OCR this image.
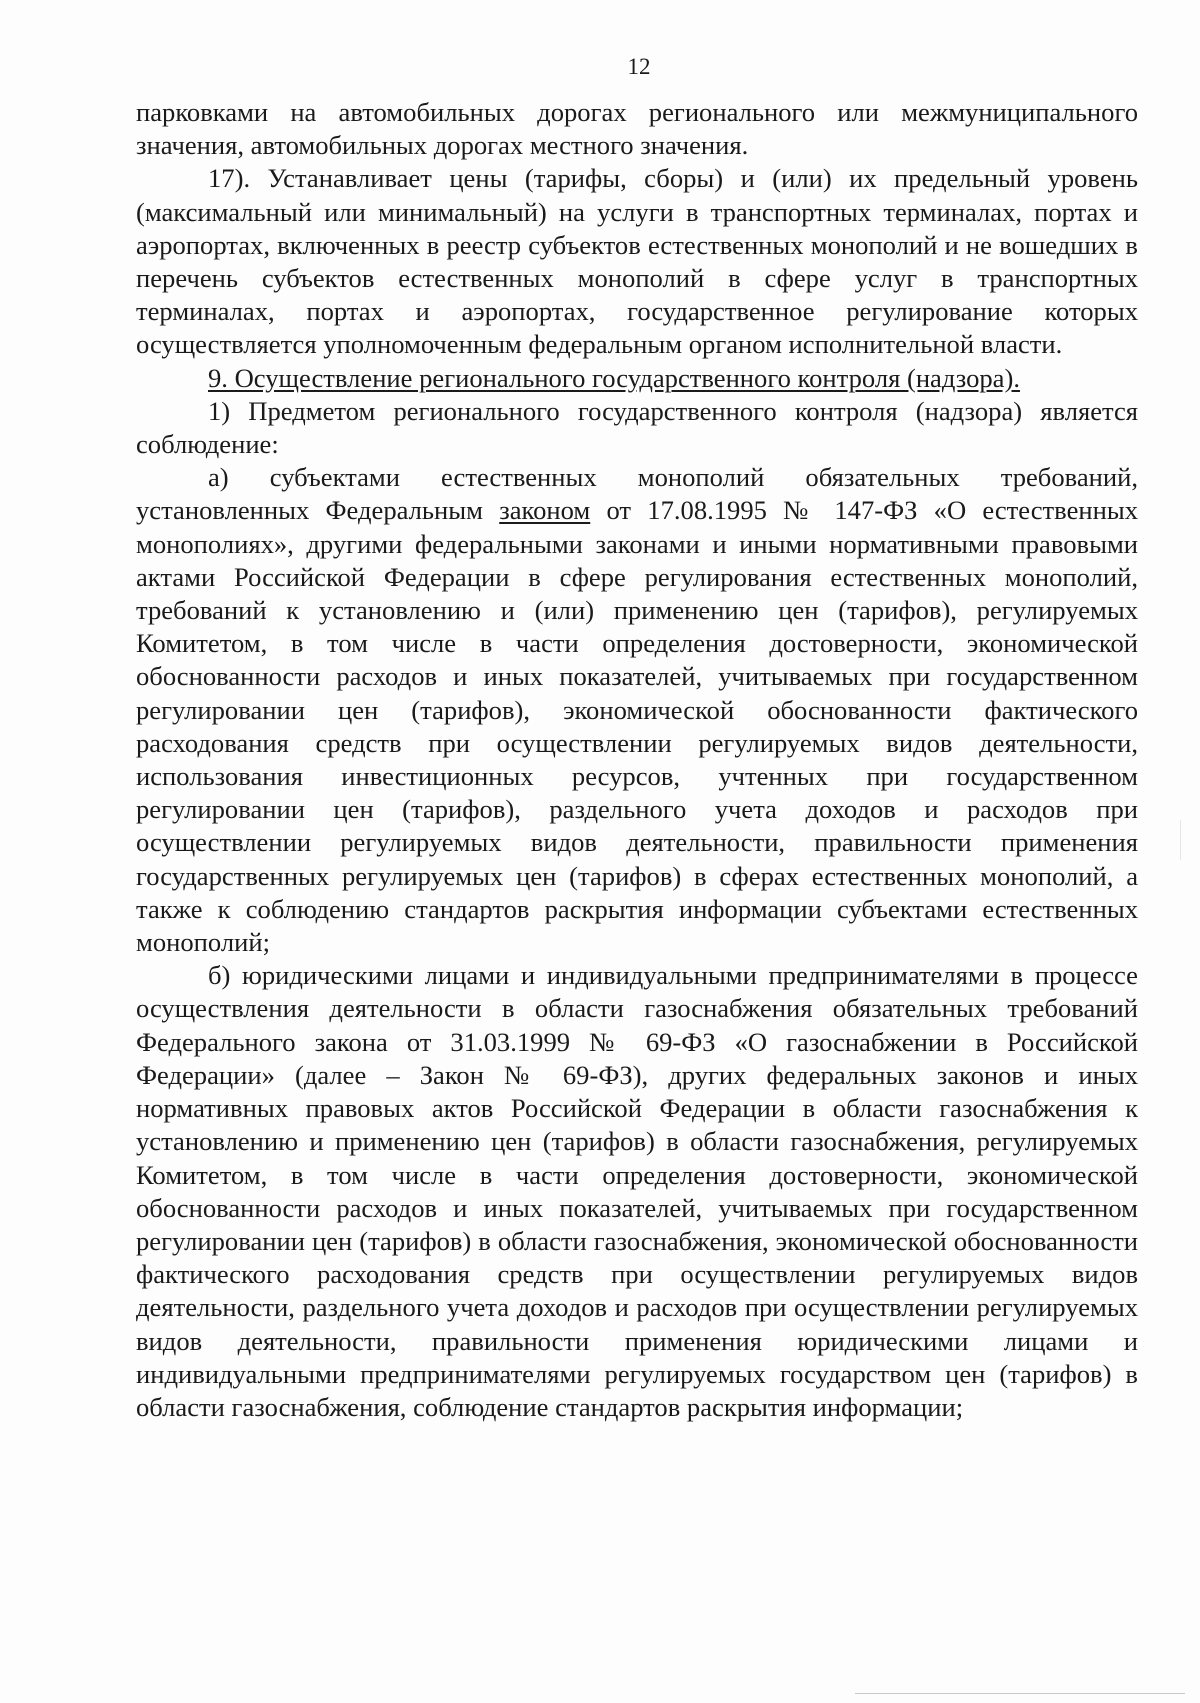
12

парковками на автомобильных дорогах регионального или межмуниципального значения, автомобильных дорогах местного значения.

17). Устанавливает цены (тарифы, сборы) и (или) их предельный уровень (максимальный или минимальный) на услуги в транспортных терминалах, портах и аэропортах, включенных в реестр субъектов естественных монополий и не вошедших в перечень субъектов естественных монополий в сфере услуг в транспортных терминалах, портах и аэропортах, государственное регулирование которых осуществляется уполномоченным федеральным органом исполнительной власти.

9. Осуществление регионального государственного контроля (надзора).

1) Предметом регионального государственного контроля (надзора) является соблюдение:

а) субъектами естественных монополий обязательных требований, установленных Федеральным законом от 17.08.1995 № 147-ФЗ «О естественных монополиях», другими федеральными законами и иными нормативными правовыми актами Российской Федерации в сфере регулирования естественных монополий, требований к установлению и (или) применению цен (тарифов), регулируемых Комитетом, в том числе в части определения достоверности, экономической обоснованности расходов и иных показателей, учитываемых при государственном регулировании цен (тарифов), экономической обоснованности фактического расходования средств при осуществлении регулируемых видов деятельности, использования инвестиционных ресурсов, учтенных при государственном регулировании цен (тарифов), раздельного учета доходов и расходов при осуществлении регулируемых видов деятельности, правильности применения государственных регулируемых цен (тарифов) в сферах естественных монополий, а также к соблюдению стандартов раскрытия информации субъектами естественных монополий;

б) юридическими лицами и индивидуальными предпринимателями в процессе осуществления деятельности в области газоснабжения обязательных требований Федерального закона от 31.03.1999 № 69-ФЗ «О газоснабжении в Российской Федерации» (далее – Закон № 69-ФЗ), других федеральных законов и иных нормативных правовых актов Российской Федерации в области газоснабжения к установлению и применению цен (тарифов) в области газоснабжения, регулируемых Комитетом, в том числе в части определения достоверности, экономической обоснованности расходов и иных показателей, учитываемых при государственном регулировании цен (тарифов) в области газоснабжения, экономической обоснованности фактического расходования средств при осуществлении регулируемых видов деятельности, раздельного учета доходов и расходов при осуществлении регулируемых видов деятельности, правильности применения юридическими лицами и индивидуальными предпринимателями регулируемых государством цен (тарифов) в области газоснабжения, соблюдение стандартов раскрытия информации;
